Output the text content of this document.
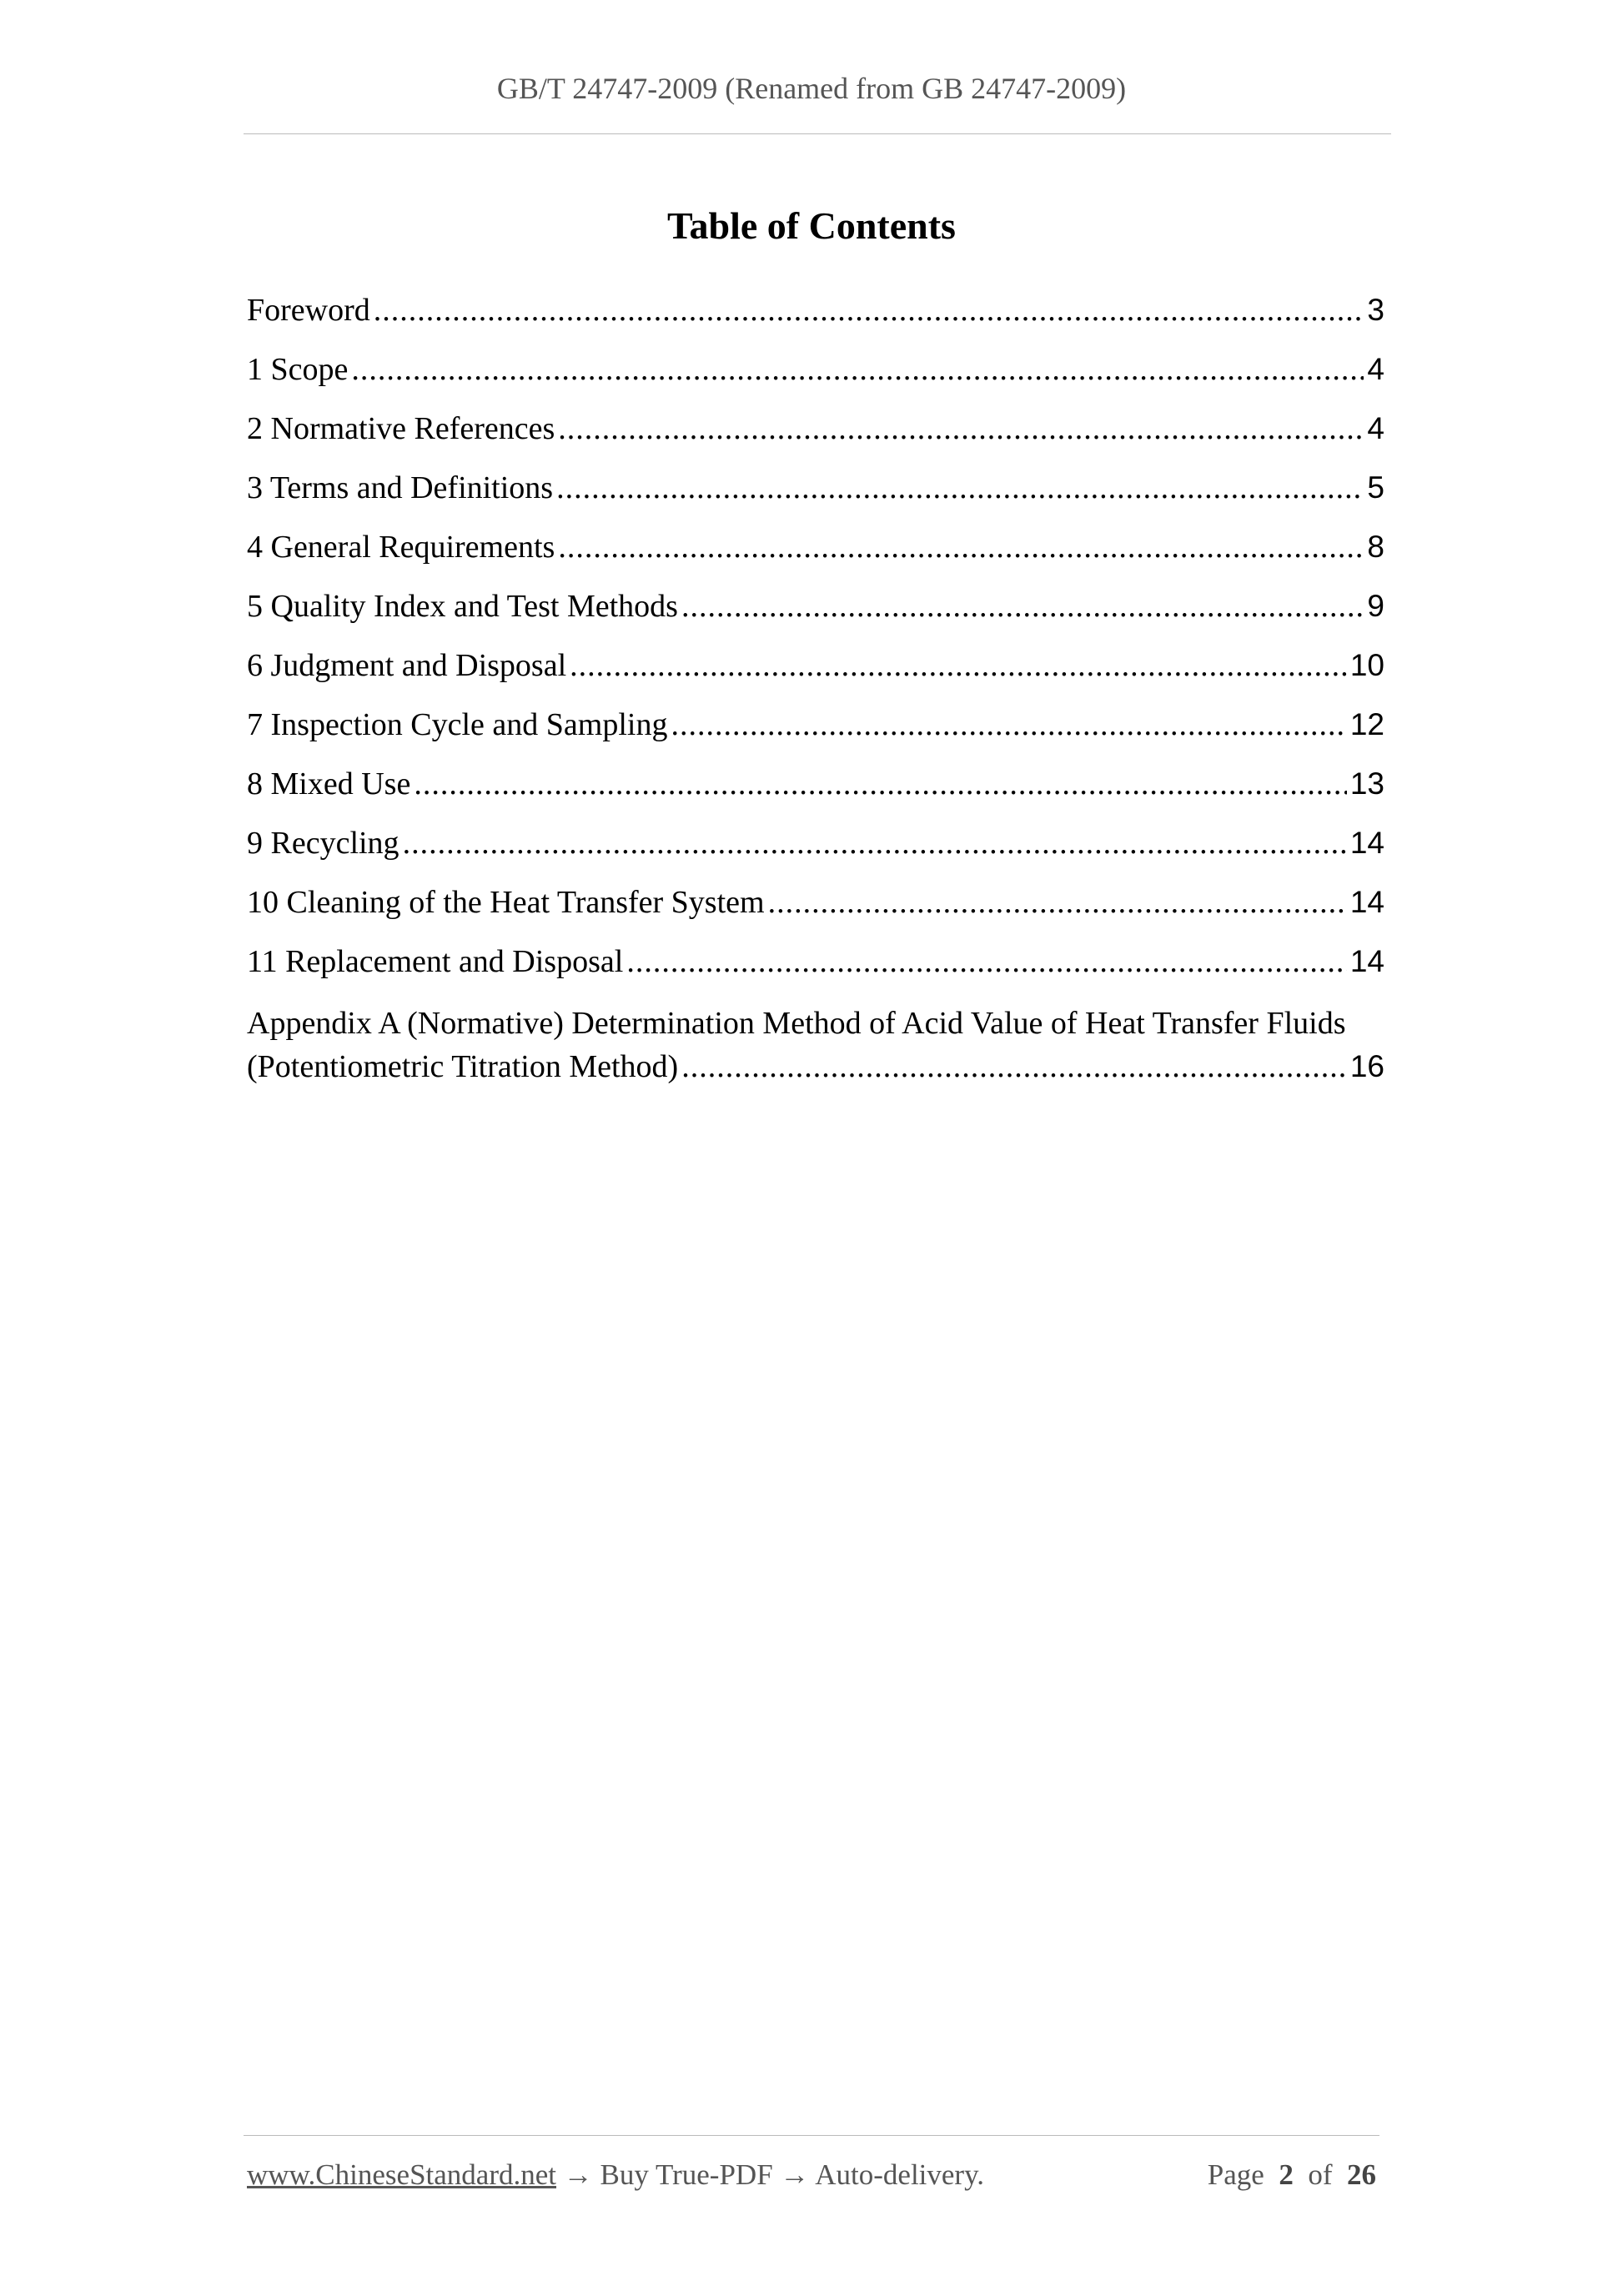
GB/T 24747-2009 (Renamed from GB 24747-2009)
Table of Contents
Foreword .....	3
1 Scope .....	4
2 Normative References .....	4
3 Terms and Definitions .....	5
4 General Requirements .....	8
5 Quality Index and Test Methods .....	9
6 Judgment and Disposal .....	10
7 Inspection Cycle and Sampling .....	12
8 Mixed Use .....	13
9 Recycling .....	14
10 Cleaning of the Heat Transfer System .....	14
11 Replacement and Disposal .....	14
Appendix A (Normative) Determination Method of Acid Value of Heat Transfer Fluids
(Potentiometric Titration Method) .....	16
www.ChineseStandard.net → Buy True-PDF → Auto-delivery.	Page 2 of 26
